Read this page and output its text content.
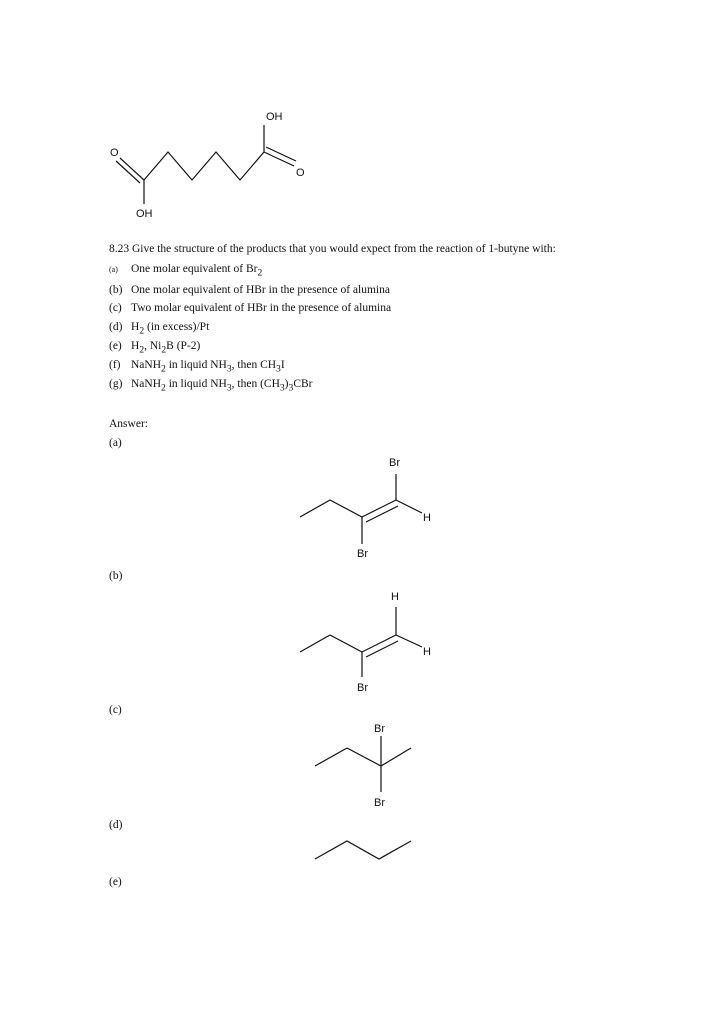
OH
O
O
OH
8.23 Give the structure of the products that you would expect from the reaction of 1-butyne with:
(a) One molar equivalent of $Br_2$
(b) One molar equivalent of HBr in the presence of alumina
(c) Two molar equivalent of HBr in the presence of alumina
(d) $H_2$ (in excess)/Pt
(e) $H_2$, $Ni_2B$ (P-2)
(f) NaNH$_2$ in liquid $NH_3$, then $CH_3I$
(g) NaNH$_2$ in liquid $NH_3$, then $(CH_3)_3CBr$
Answer:
(a)
Br
H
Br
(b)
H
H
Br
(c)
Br
Br
(d)
(e)
